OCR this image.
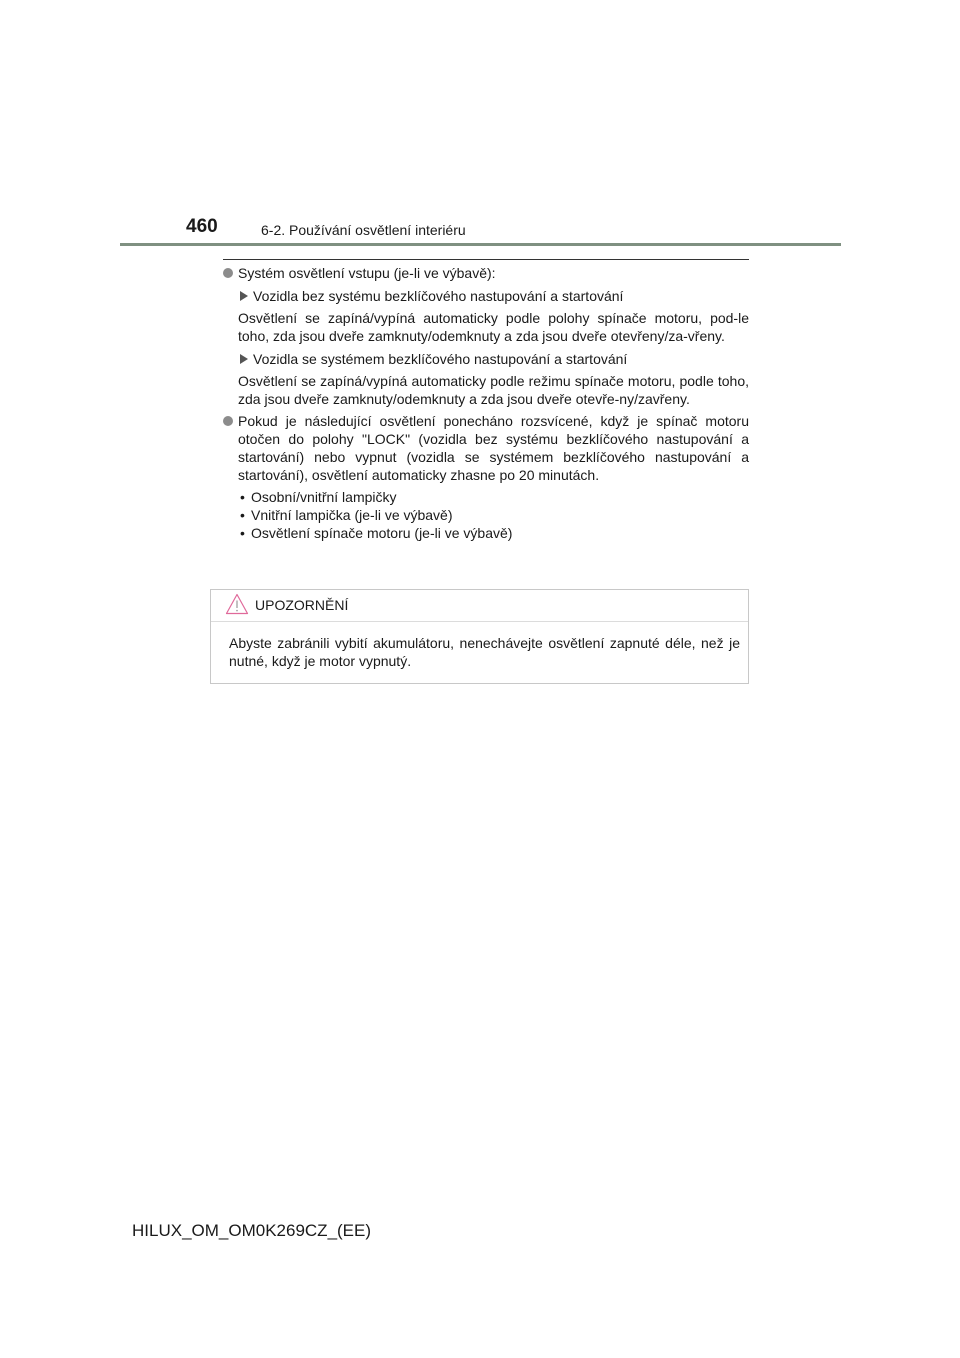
460	6-2. Používání osvětlení interiéru
Systém osvětlení vstupu (je-li ve výbavě):
Vozidla bez systému bezklíčového nastupování a startování
Osvětlení se zapíná/vypíná automaticky podle polohy spínače motoru, pod-le toho, zda jsou dveře zamknuty/odemknuty a zda jsou dveře otevřeny/za-vřeny.
Vozidla se systémem bezklíčového nastupování a startování
Osvětlení se zapíná/vypíná automaticky podle režimu spínače motoru, podle toho, zda jsou dveře zamknuty/odemknuty a zda jsou dveře otevře-ny/zavřeny.
Pokud je následující osvětlení ponecháno rozsvícené, když je spínač motoru otočen do polohy "LOCK" (vozidla bez systému bezklíčového nastupování a startování) nebo vypnut (vozidla se systémem bezklíčového nastupování a startování), osvětlení automaticky zhasne po 20 minutách.
• Osobní/vnitřní lampičky
• Vnitřní lampička (je-li ve výbavě)
• Osvětlení spínače motoru (je-li ve výbavě)
UPOZORNĚNÍ
Abyste zabránili vybití akumulátoru, nenechávejte osvětlení zapnuté déle, než je nutné, když je motor vypnutý.
HILUX_OM_OM0K269CZ_(EE)
